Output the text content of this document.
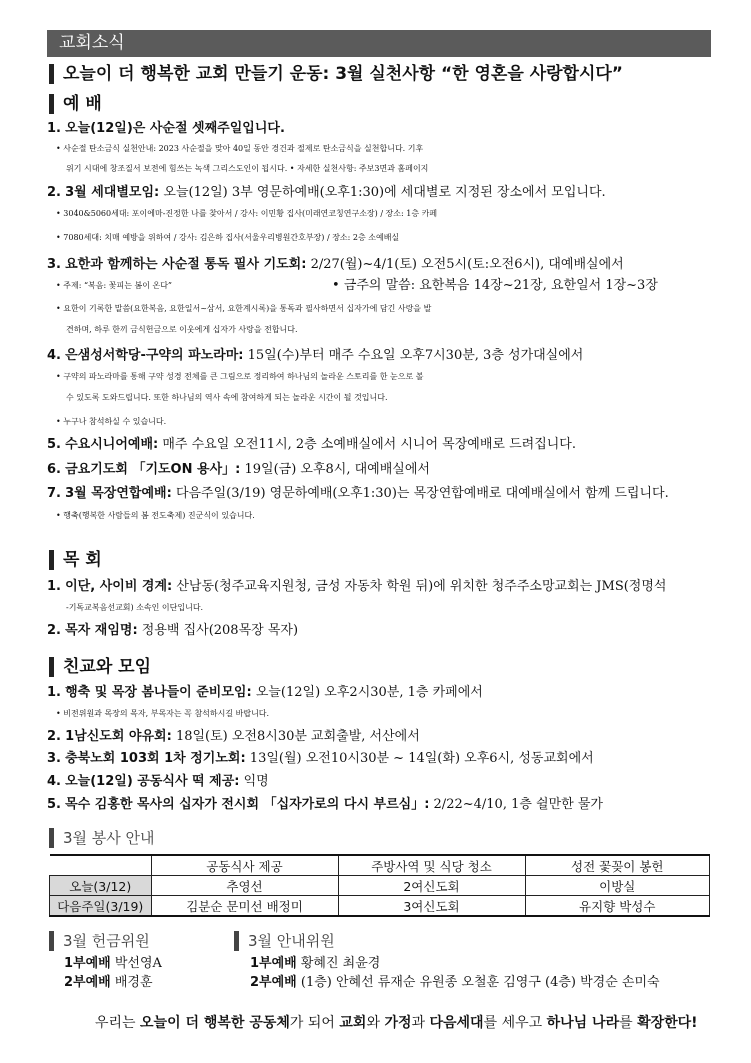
교회소식
오늘이 더 행복한 교회 만들기 운동: 3월 실천사항 “한 영혼을 사랑합시다”
예 배
1. 오늘(12일)은 사순절 셋째주일입니다.
• 사순절 탄소금식 실천안내: 2023 사순절을 맞아 40일 동안 경건과 절제로 탄소금식을 실천합니다. 기후
위기 시대에 창조질서 보전에 힘쓰는 녹색 그리스도인이 됩시다. • 자세한 실천사항: 주보3면과 홈페이지
2. 3월 세대별모임: 오늘(12일) 3부 영문하예배(오후1:30)에 세대별로 지정된 장소에서 모입니다.
• 3040&5060세대: 포이에마-진정한 나를 찾아서 / 강사: 이민황 집사(미래연코칭연구소장) / 장소: 1층 카페
• 7080세대: 치매 예방을 위하여 / 강사: 김은하 집사(서울우리병원간호부장) / 장소: 2층 소예배실
3. 요한과 함께하는 사순절 통독 필사 기도회: 2/27(월)~4/1(토) 오전5시(토:오전6시), 대예배실에서
• 주제: “복음: 꽃피는 봄이 온다”	• 금주의 말씀: 요한복음 14장~21장, 요한일서 1장~3장
• 요한이 기록한 말씀(요한복음, 요한일서~삼서, 요한계시록)을 통독과 필사하면서 십자가에 담긴 사랑을 발
견하며, 하루 한끼 금식헌금으로 이웃에게 십자가 사랑을 전합니다.
4. 은샘성서학당-구약의 파노라마: 15일(수)부터 매주 수요일 오후7시30분, 3층 성가대실에서
• 구약의 파노라마를 통해 구약 성경 전체를 큰 그림으로 정리하여 하나님의 놀라운 스토리를 한 눈으로 볼
수 있도록 도와드립니다. 또한 하나님의 역사 속에 참여하게 되는 놀라운 시간이 될 것입니다.
• 누구나 참석하실 수 있습니다.
5. 수요시니어예배: 매주 수요일 오전11시, 2층 소예배실에서 시니어 목장예배로 드려집니다.
6. 금요기도회 「기도ON 용사」: 19일(금) 오후8시, 대예배실에서
7. 3월 목장연합예배: 다음주일(3/19) 영문하예배(오후1:30)는 목장연합예배로 대예배실에서 함께 드립니다.
• 행축(행복한 사람들의 봄 전도축제) 진군식이 있습니다.
목 회
1. 이단, 사이비 경계: 산남동(청주교육지원청, 금성 자동차 학원 뒤)에 위치한 청주주소망교회는 JMS(정명석
-기독교복음선교회) 소속인 이단입니다.
2. 목자 재임명: 정용백 집사(208목장 목자)
친교와 모임
1. 행축 및 목장 봄나들이 준비모임: 오늘(12일) 오후2시30분, 1층 카페에서
• 비전위원과 목장의 목자, 부목자는 꼭 참석하시길 바랍니다.
2. 1남신도회 야유회: 18일(토) 오전8시30분 교회출발, 서산에서
3. 충북노회 103회 1차 정기노회: 13일(월) 오전10시30분 ~ 14일(화) 오후6시, 성동교회에서
4. 오늘(12일) 공동식사 떡 제공: 익명
5. 목수 김홍한 목사의 십자가 전시회 「십자가로의 다시 부르심」: 2/22~4/10, 1층 쉴만한 물가
3월 봉사 안내
	공동식사 제공	주방사역 및 식당 청소	성전 꽃꽂이 봉헌
오늘(3/12)	추영선	2여신도회	이방실
다음주일(3/19)	김분순 문미선 배정미	3여신도회	유지향 박성수
3월 헌금위원
1부예배 박선영A
2부예배 배경훈
3월 안내위원
1부예배 황혜진 최윤경
2부예배 (1층) 안혜선 류재순 유원종 오철훈 김영구 (4층) 박경순 손미숙
우리는 오늘이 더 행복한 공동체가 되어 교회와 가정과 다음세대를 세우고 하나님 나라를 확장한다!
